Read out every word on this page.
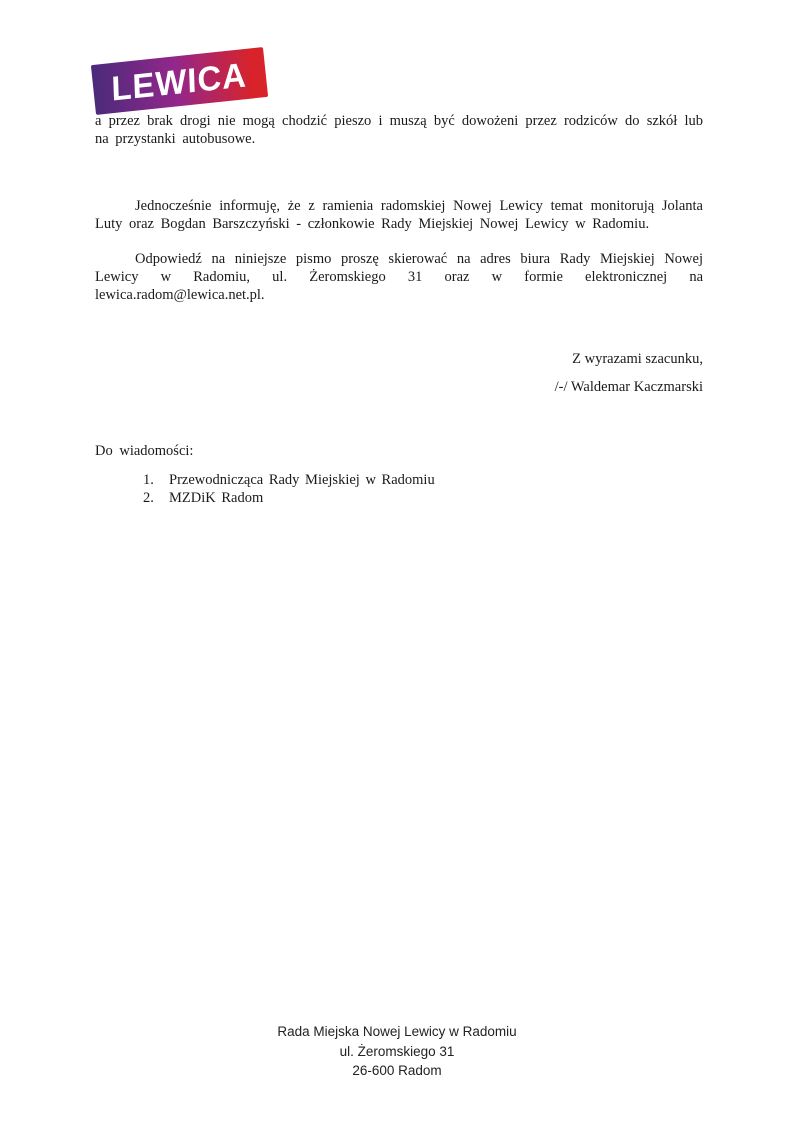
LEWICA

a przez brak drogi nie mogą chodzić pieszo i muszą być dowożeni przez rodziców do szkół lub na przystanki autobusowe.

Jednocześnie informuję, że z ramienia radomskiej Nowej Lewicy temat monitorują Jolanta Luty oraz Bogdan Barszczyński - członkowie Rady Miejskiej Nowej Lewicy w Radomiu.

Odpowiedź na niniejsze pismo proszę skierować na adres biura Rady Miejskiej Nowej Lewicy w Radomiu, ul. Żeromskiego 31 oraz w formie elektronicznej na lewica.radom@lewica.net.pl.

Z wyrazami szacunku,

/-/ Waldemar Kaczmarski

Do wiadomości:

1.	Przewodnicząca Rady Miejskiej w Radomiu
2.	MZDiK Radom
Rada Miejska Nowej Lewicy w Radomiu
ul. Żeromskiego 31
26-600 Radom
